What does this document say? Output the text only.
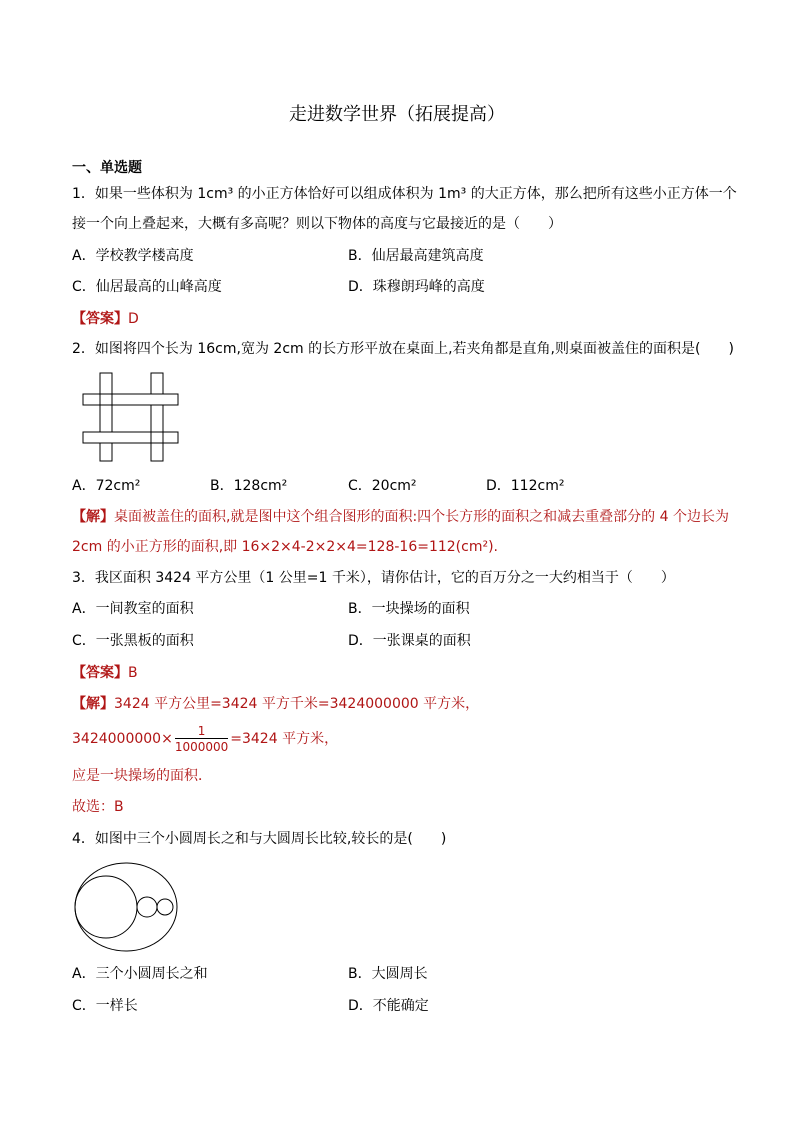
走进数学世界（拓展提高）
一、单选题
1．如果一些体积为 1cm³ 的小正方体恰好可以组成体积为 1m³ 的大正方体，那么把所有这些小正方体一个
接一个向上叠起来，大概有多高呢？则以下物体的高度与它最接近的是（　　）
A．学校教学楼高度	B．仙居最高建筑高度
C．仙居最高的山峰高度	D．珠穆朗玛峰的高度
【答案】D
2．如图将四个长为 16cm,宽为 2cm 的长方形平放在桌面上,若夹角都是直角,则桌面被盖住的面积是(　　)
A．72cm²	B．128cm²	C．20cm²	D．112cm²
【解】桌面被盖住的面积,就是图中这个组合图形的面积:四个长方形的面积之和减去重叠部分的 4 个边长为
2cm 的小正方形的面积,即 16×2×4-2×2×4=128-16=112(cm²).
3．我区面积 3424 平方公里（1 公里=1 千米），请你估计，它的百万分之一大约相当于（　　）
A．一间教室的面积	B．一块操场的面积
C．一张黑板的面积	D．一张课桌的面积
【答案】B
【解】3424 平方公里=3424 平方千米=3424000000 平方米，
$3424000000\times \frac{1}{1000000} =3424$ 平方米，
应是一块操场的面积．
故选：B
4．如图中三个小圆周长之和与大圆周长比较,较长的是(　　)
A．三个小圆周长之和	B．大圆周长
C．一样长	D．不能确定
